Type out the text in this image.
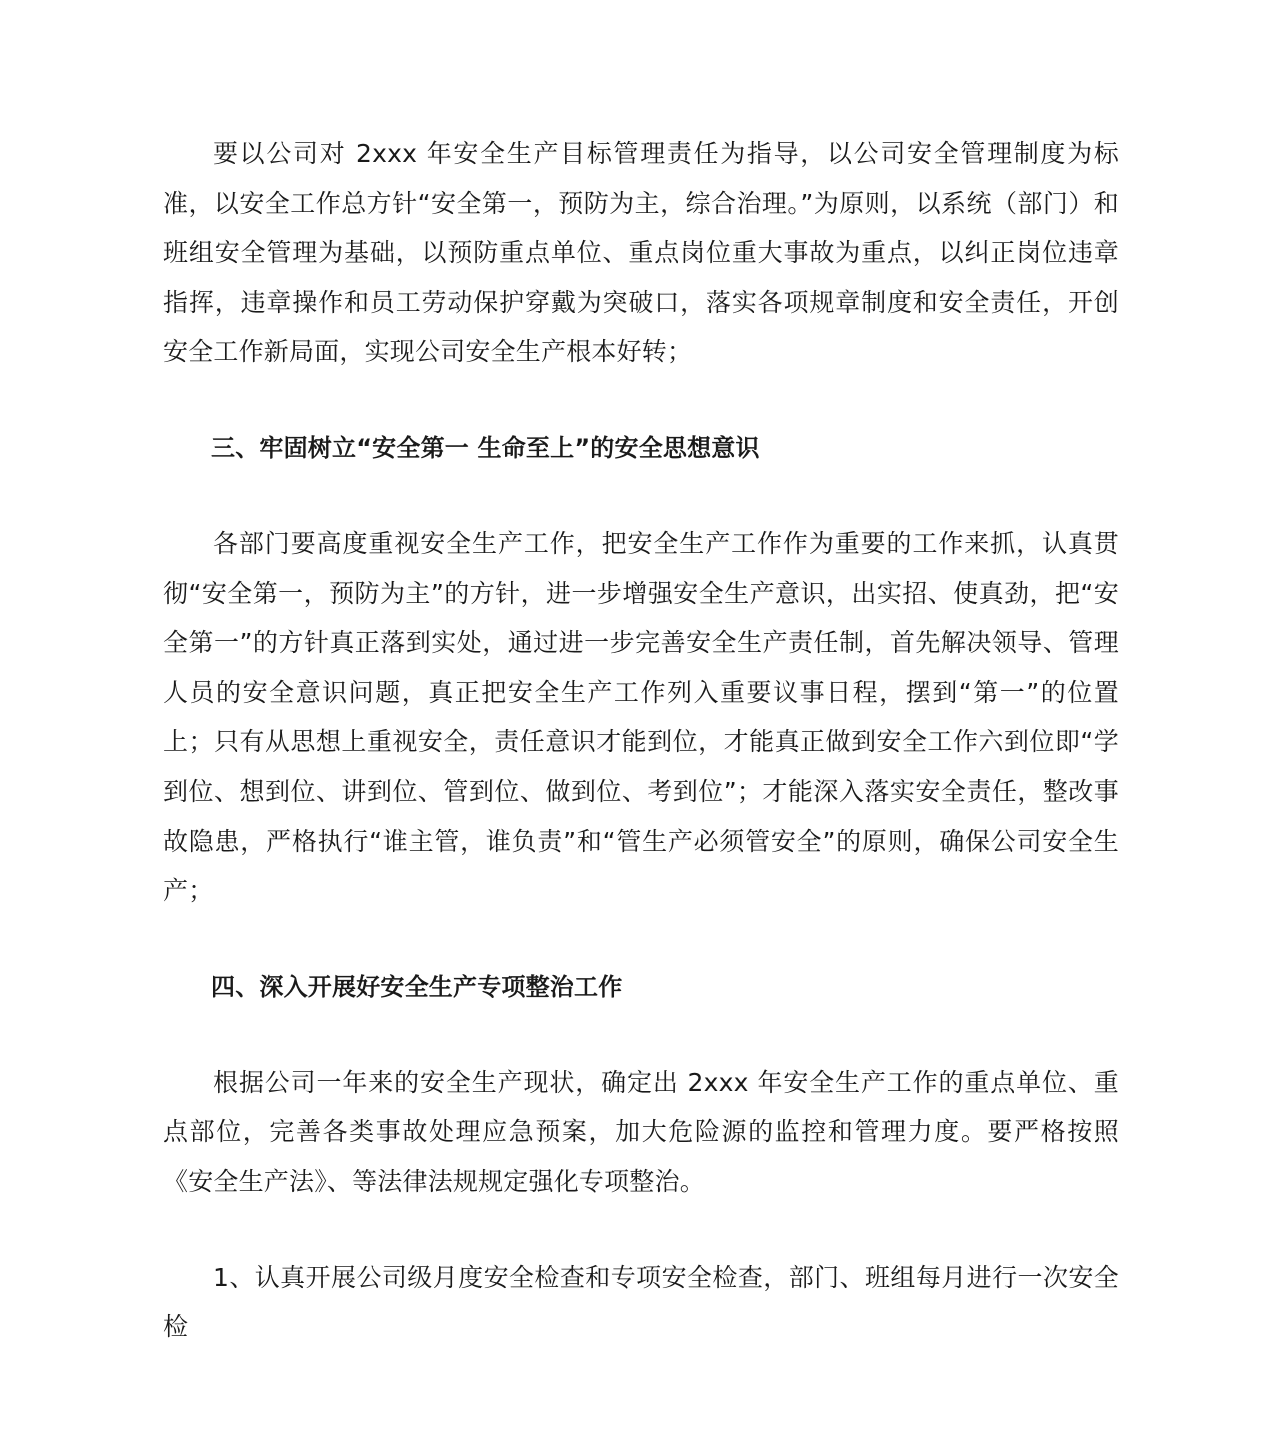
要以公司对 2xxx 年安全生产目标管理责任为指导，以公司安全管理制度为标准，以安全工作总方针“安全第一，预防为主，综合治理。”为原则，以系统（部门）和班组安全管理为基础，以预防重点单位、重点岗位重大事故为重点，以纠正岗位违章指挥，违章操作和员工劳动保护穿戴为突破口，落实各项规章制度和安全责任，开创安全工作新局面，实现公司安全生产根本好转；

三、牢固树立“安全第一 生命至上”的安全思想意识

各部门要高度重视安全生产工作，把安全生产工作作为重要的工作来抓，认真贯彻“安全第一，预防为主”的方针，进一步增强安全生产意识，出实招、使真劲，把“安全第一”的方针真正落到实处，通过进一步完善安全生产责任制，首先解决领导、管理人员的安全意识问题，真正把安全生产工作列入重要议事日程，摆到“第一”的位置上；只有从思想上重视安全，责任意识才能到位，才能真正做到安全工作六到位即“学到位、想到位、讲到位、管到位、做到位、考到位”；才能深入落实安全责任，整改事故隐患，严格执行“谁主管，谁负责”和“管生产必须管安全”的原则，确保公司安全生产；

四、深入开展好安全生产专项整治工作

根据公司一年来的安全生产现状，确定出 2xxx 年安全生产工作的重点单位、重点部位，完善各类事故处理应急预案，加大危险源的监控和管理力度。要严格按照《安全生产法》、等法律法规规定强化专项整治。

1、认真开展公司级月度安全检查和专项安全检查，部门、班组每月进行一次安全检
